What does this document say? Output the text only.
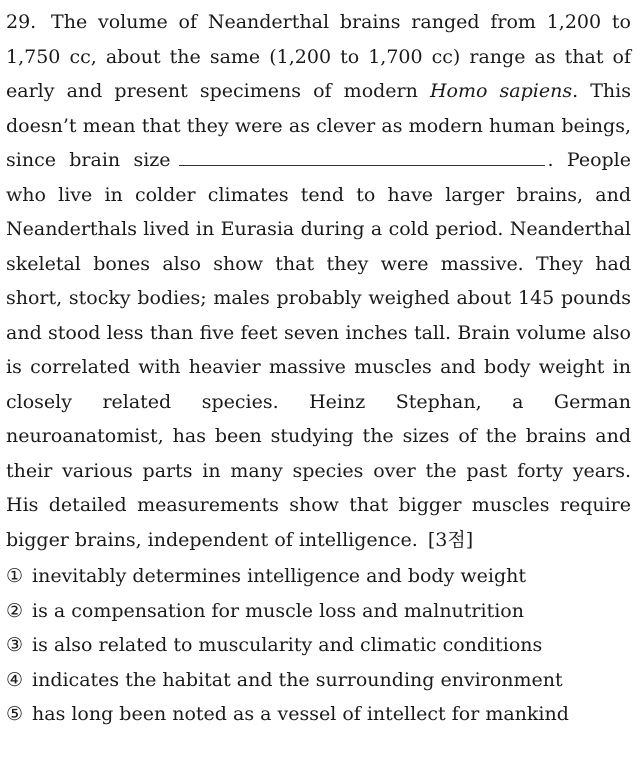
29. The volume of Neanderthal brains ranged from 1,200 to 1,750 cc, about the same (1,200 to 1,700 cc) range as that of early and present specimens of modern Homo sapiens. This doesn’t mean that they were as clever as modern human beings, since brain size	. People who live in colder climates tend to have larger brains, and Neanderthals lived in Eurasia during a cold period. Neanderthal skeletal bones also show that they were massive. They had short, stocky bodies; males probably weighed about 145 pounds and stood less than five feet seven inches tall. Brain volume also is correlated with heavier massive muscles and body weight in closely related species. Heinz Stephan, a German neuroanatomist, has been studying the sizes of the brains and their various parts in many species over the past forty years. His detailed measurements show that bigger muscles require bigger brains, independent of intelligence. [3점]

① inevitably determines intelligence and body weight
② is a compensation for muscle loss and malnutrition
③ is also related to muscularity and climatic conditions
④ indicates the habitat and the surrounding environment
⑤ has long been noted as a vessel of intellect for mankind
